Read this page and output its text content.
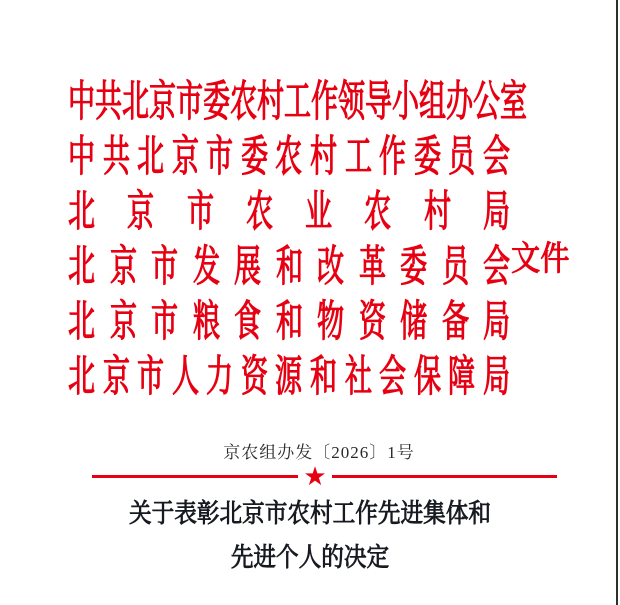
中 共 北 京 市 委 农 村 工 作 领 导 小 组 办 公 室
中 共 北 京 市 委 农 村 工 作 委 员 会
北 京 市 农 业 农 村 局
北 京 市 发 展 和 改 革 委 员 会
北 京 市 粮 食 和 物 资 储 备 局
北 京 市 人 力 资 源 和 社 会 保 障 局
文件
京农组办发〔2026〕1号
★
关于表彰北京市农村工作先进集体和
先进个人的决定
